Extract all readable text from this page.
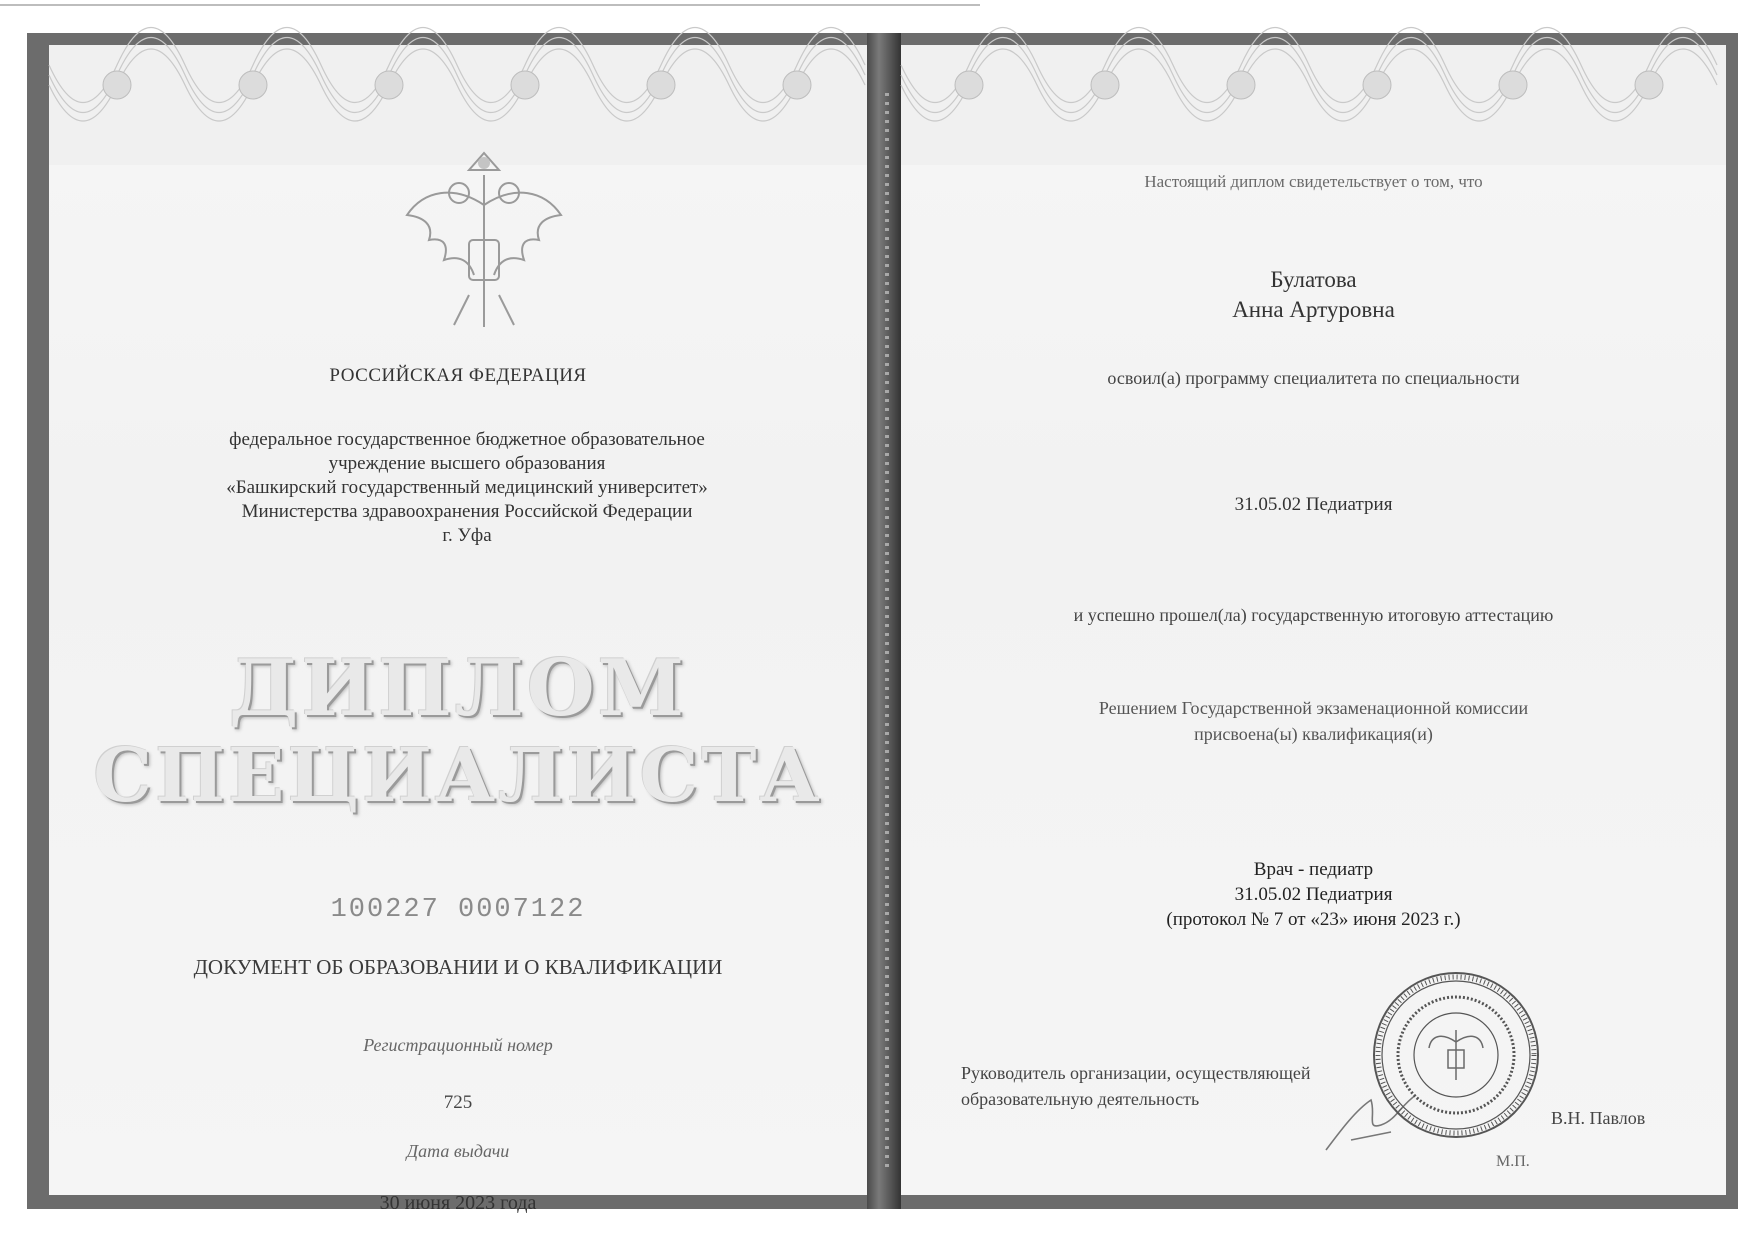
РОССИЙСКАЯ ФЕДЕРАЦИЯ
федеральное государственное бюджетное образовательное
учреждение высшего образования
«Башкирский государственный медицинский университет»
Министерства здравоохранения Российской Федерации
г. Уфа
ДИПЛОМ
СПЕЦИАЛИСТА
100227 0007122
ДОКУМЕНТ ОБ ОБРАЗОВАНИИ И О КВАЛИФИКАЦИИ
Регистрационный номер
725
Дата выдачи
30 июня 2023 года
Настоящий диплом свидетельствует о том, что
Булатова
Анна Артуровна
освоил(а) программу специалитета по специальности
31.05.02 Педиатрия
и успешно прошел(ла) государственную итоговую аттестацию
Решением Государственной экзаменационной комиссии
присвоена(ы) квалификация(и)
Врач - педиатр
31.05.02 Педиатрия
(протокол № 7 от «23» июня 2023 г.)
Руководитель организации, осуществляющей
образовательную деятельность
В.Н. Павлов
М.П.
